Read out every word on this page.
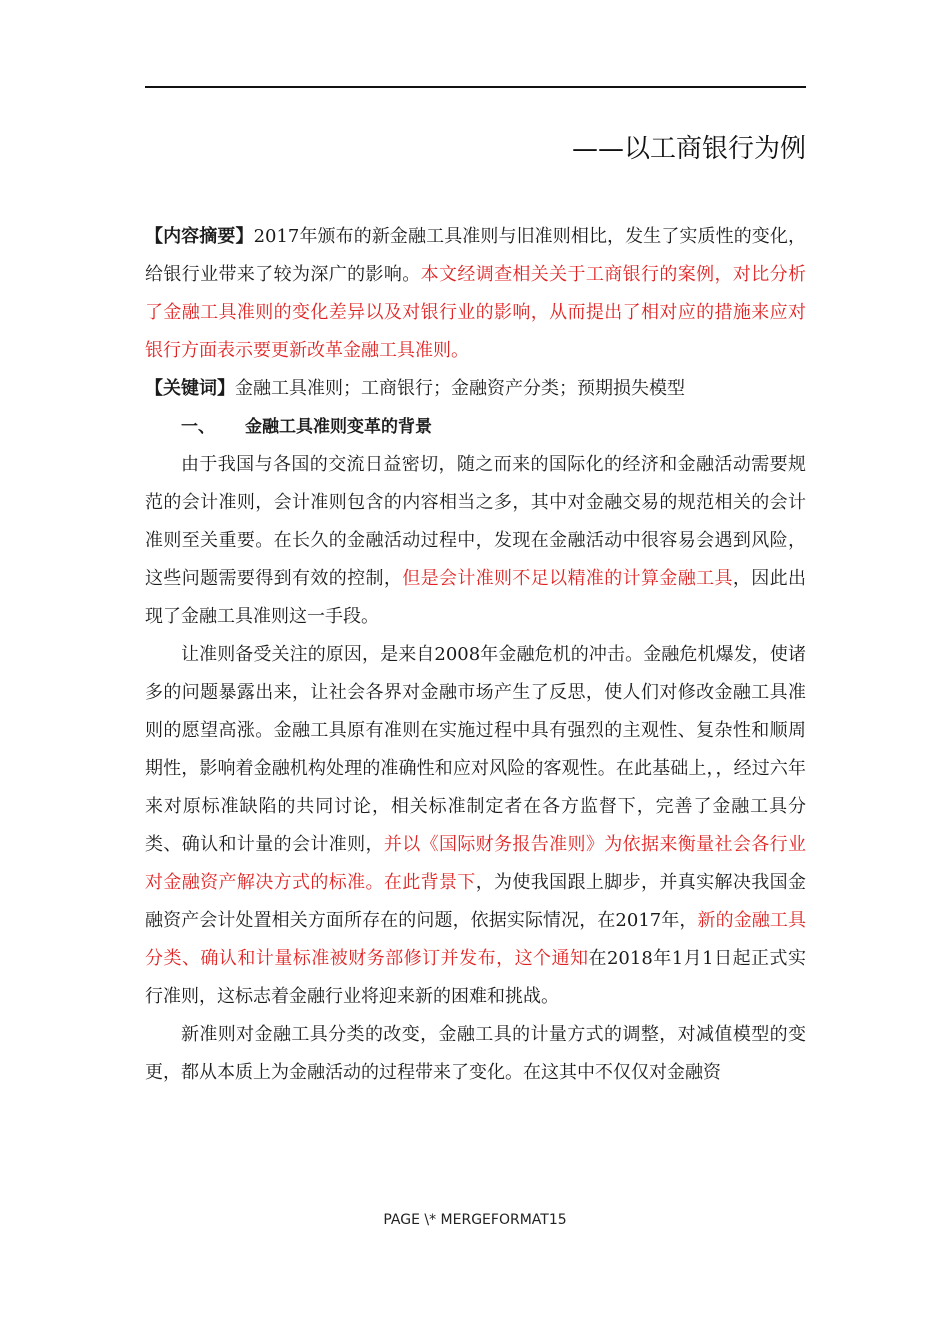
——以工商银行为例

【内容摘要】2017年颁布的新金融工具准则与旧准则相比，发生了实质性的变化，给银行业带来了较为深广的影响。本文经调查相关关于工商银行的案例，对比分析了金融工具准则的变化差异以及对银行业的影响，从而提出了相对应的措施来应对银行方面表示要更新改革金融工具准则。

【关键词】金融工具准则；工商银行；金融资产分类；预期损失模型

一、 金融工具准则变革的背景

由于我国与各国的交流日益密切，随之而来的国际化的经济和金融活动需要规范的会计准则，会计准则包含的内容相当之多，其中对金融交易的规范相关的会计准则至关重要。在长久的金融活动过程中，发现在金融活动中很容易会遇到风险，这些问题需要得到有效的控制，但是会计准则不足以精准的计算金融工具，因此出现了金融工具准则这一手段。

让准则备受关注的原因，是来自2008年金融危机的冲击。金融危机爆发，使诸多的问题暴露出来，让社会各界对金融市场产生了反思，使人们对修改金融工具准则的愿望高涨。金融工具原有准则在实施过程中具有强烈的主观性、复杂性和顺周期性，影响着金融机构处理的准确性和应对风险的客观性。在此基础上，，经过六年来对原标准缺陷的共同讨论，相关标准制定者在各方监督下，完善了金融工具分类、确认和计量的会计准则，并以《国际财务报告准则》为依据来衡量社会各行业对金融资产解决方式的标准。在此背景下，为使我国跟上脚步，并真实解决我国金融资产会计处置相关方面所存在的问题，依据实际情况，在2017年，新的金融工具分类、确认和计量标准被财务部修订并发布，这个通知在2018年1月1日起正式实行准则，这标志着金融行业将迎来新的困难和挑战。

新准则对金融工具分类的改变，金融工具的计量方式的调整，对减值模型的变更，都从本质上为金融活动的过程带来了变化。在这其中不仅仅对金融资

PAGE \* MERGEFORMAT15
